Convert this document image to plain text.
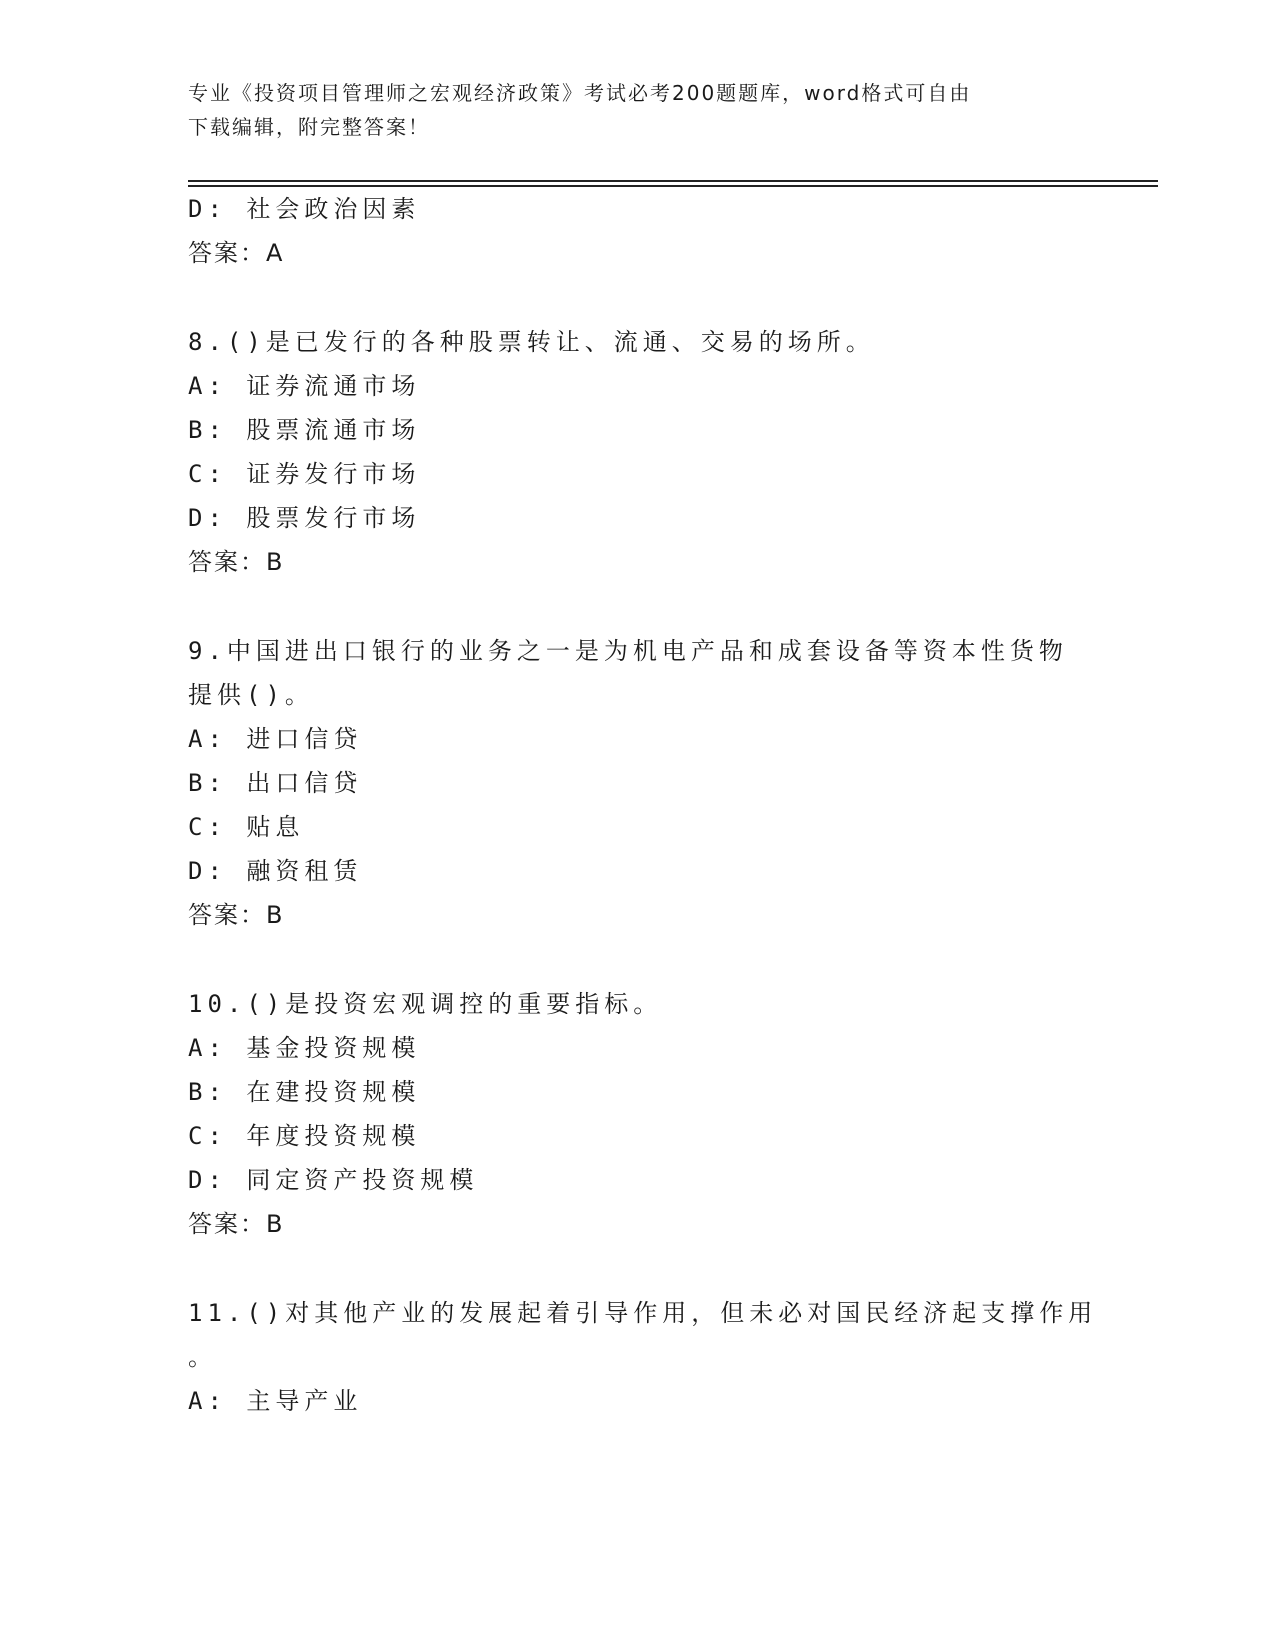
专业《投资项目管理师之宏观经济政策》考试必考200题题库，word格式可自由
下载编辑，附完整答案！
D: 社会政治因素
答案：A
8.()是已发行的各种股票转让、流通、交易的场所。
A: 证券流通市场
B: 股票流通市场
C: 证券发行市场
D: 股票发行市场
答案：B
9.中国进出口银行的业务之一是为机电产品和成套设备等资本性货物
提供()。
A: 进口信贷
B: 出口信贷
C: 贴息
D: 融资租赁
答案：B
10.()是投资宏观调控的重要指标。
A: 基金投资规模
B: 在建投资规模
C: 年度投资规模
D: 同定资产投资规模
答案：B
11.()对其他产业的发展起着引导作用，但未必对国民经济起支撑作用
。
A: 主导产业
